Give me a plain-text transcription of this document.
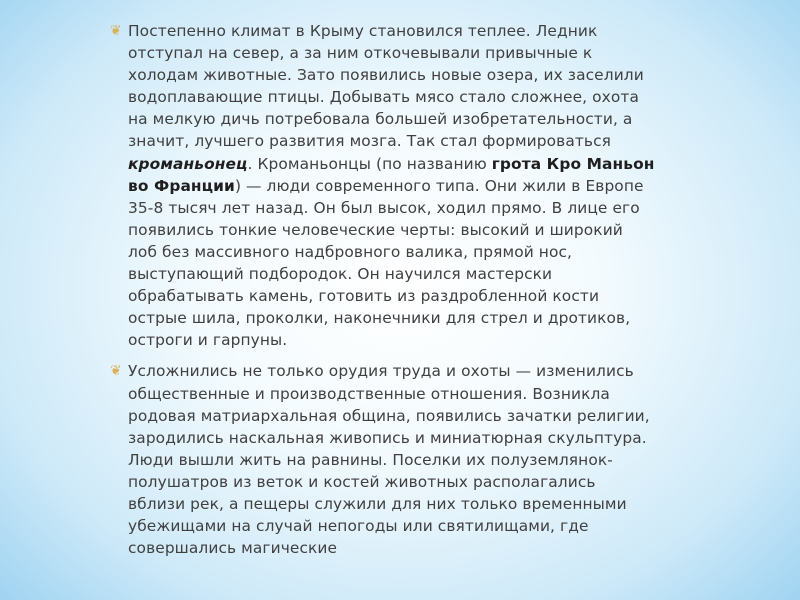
❦ Постепенно климат в Крыму становился теплее. Ледник отступал на север, а за ним откочевывали привычные к холодам животные. Зато появились новые озера, их заселили водоплавающие птицы. Добывать мясо стало сложнее, охота на мелкую дичь потребовала большей изобретательности, а значит, лучшего развития мозга. Так стал формироваться кроманьонец. Кроманьонцы (по названию грота Кро Маньон во Франции) — люди современного типа. Они жили в Европе 35-8 тысяч лет назад. Он был высок, ходил прямо. В лице его появились тонкие человеческие черты: высокий и широкий лоб без массивного надбровного валика, прямой нос, выступающий подбородок. Он научился мастерски обрабатывать камень, готовить из раздробленной кости острые шила, проколки, наконечники для стрел и дротиков, остроги и гарпуны.
❦ Усложнились не только орудия труда и охоты — изменились общественные и производственные отношения. Возникла родовая матриархальная община, появились зачатки религии, зародились наскальная живопись и миниатюрная скульптура. Люди вышли жить на равнины. Поселки их полуземлянок-полушатров из веток и костей животных располагались вблизи рек, а пещеры служили для них только временными убежищами на случай непогоды или святилищами, где совершались магические
